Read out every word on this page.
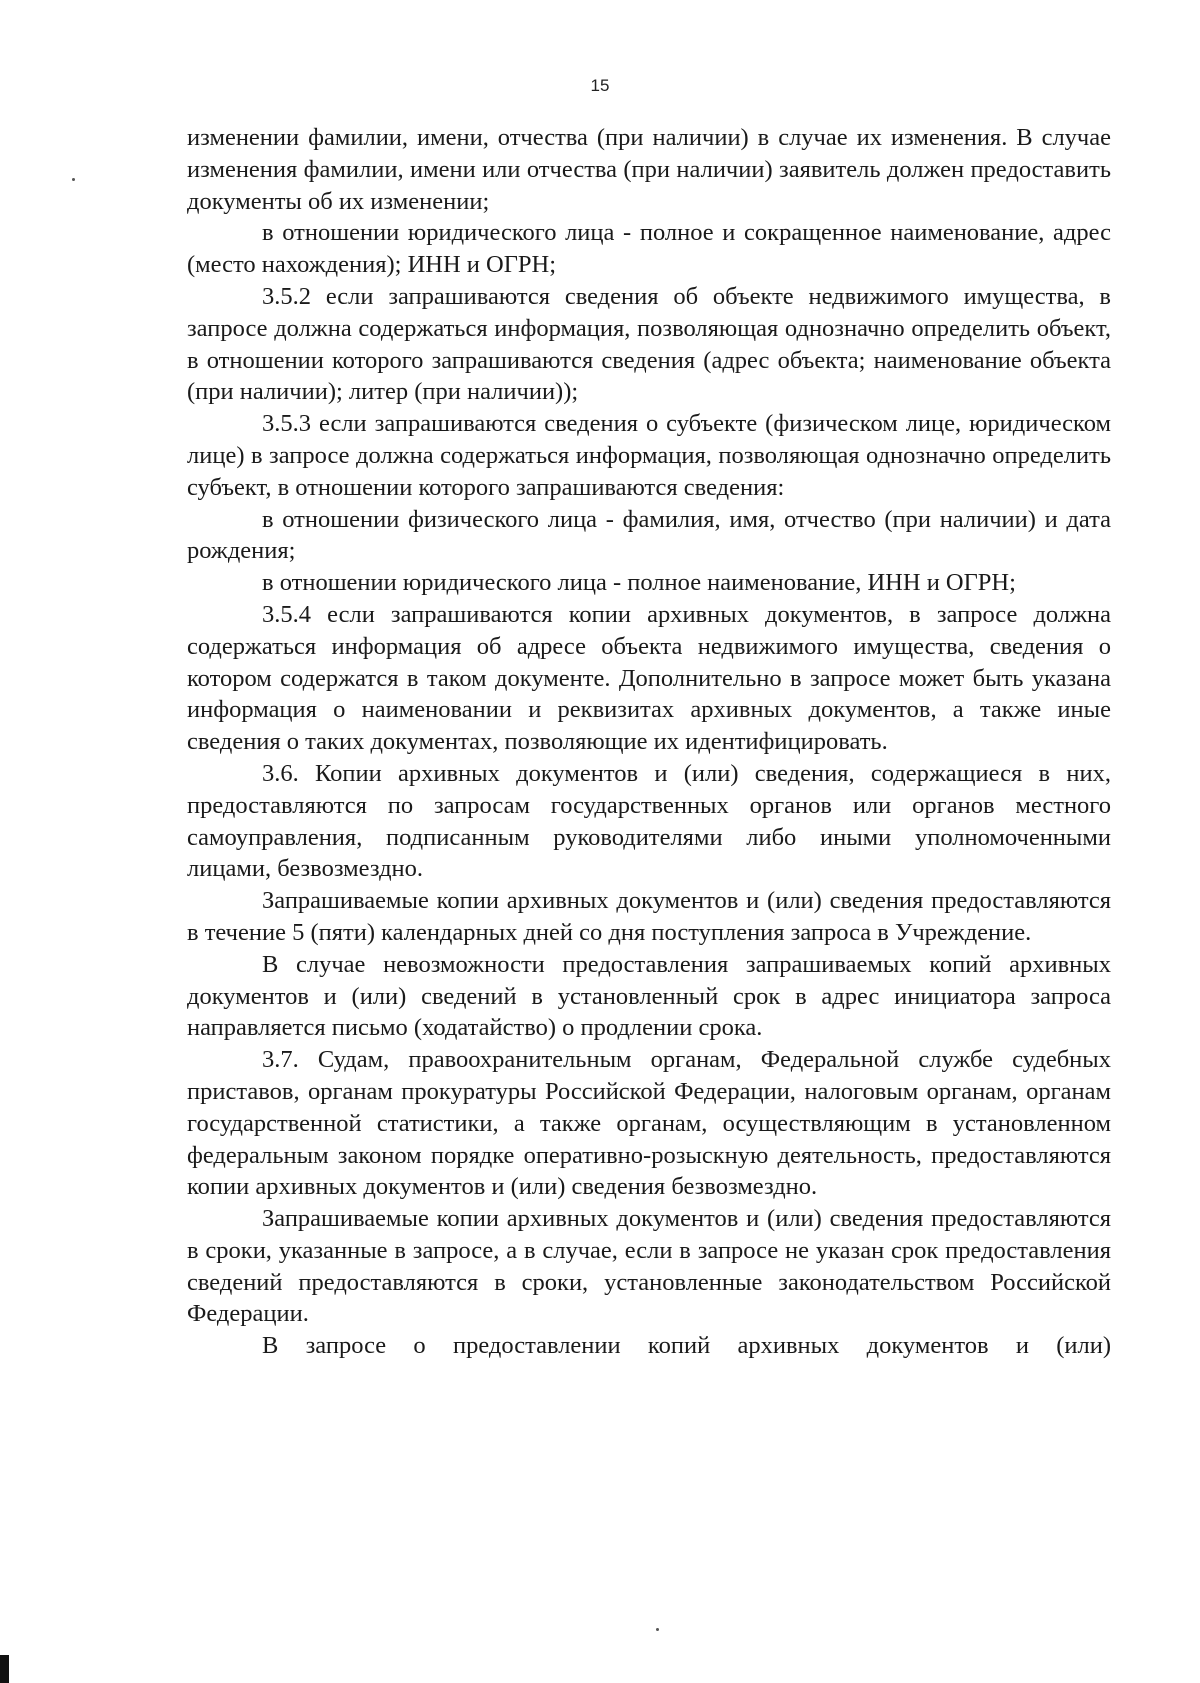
15

изменении фамилии, имени, отчества (при наличии) в случае их изменения. В случае изменения фамилии, имени или отчества (при наличии) заявитель должен предоставить документы об их изменении;

в отношении юридического лица - полное и сокращенное наименование, адрес (место нахождения); ИНН и ОГРН;

3.5.2 если запрашиваются сведения об объекте недвижимого имущества, в запросе должна содержаться информация, позволяющая однозначно определить объект, в отношении которого запрашиваются сведения (адрес объекта; наименование объекта (при наличии); литер (при наличии));

3.5.3 если запрашиваются сведения о субъекте (физическом лице, юридическом лице) в запросе должна содержаться информация, позволяющая однозначно определить субъект, в отношении которого запрашиваются сведения:

в отношении физического лица - фамилия, имя, отчество (при наличии) и дата рождения;

в отношении юридического лица - полное наименование, ИНН и ОГРН;

3.5.4 если запрашиваются копии архивных документов, в запросе должна содержаться информация об адресе объекта недвижимого имущества, сведения о котором содержатся в таком документе. Дополнительно в запросе может быть указана информация о наименовании и реквизитах архивных документов, а также иные сведения о таких документах, позволяющие их идентифицировать.

3.6. Копии архивных документов и (или) сведения, содержащиеся в них, предоставляются по запросам государственных органов или органов местного самоуправления, подписанным руководителями либо иными уполномоченными лицами, безвозмездно.

Запрашиваемые копии архивных документов и (или) сведения предоставляются в течение 5 (пяти) календарных дней со дня поступления запроса в Учреждение.

В случае невозможности предоставления запрашиваемых копий архивных документов и (или) сведений в установленный срок в адрес инициатора запроса направляется письмо (ходатайство) о продлении срока.

3.7. Судам, правоохранительным органам, Федеральной службе судебных приставов, органам прокуратуры Российской Федерации, налоговым органам, органам государственной статистики, а также органам, осуществляющим в установленном федеральным законом порядке оперативно-розыскную деятельность, предоставляются копии архивных документов и (или) сведения безвозмездно.

Запрашиваемые копии архивных документов и (или) сведения предоставляются в сроки, указанные в запросе, а в случае, если в запросе не указан срок предоставления сведений предоставляются в сроки, установленные законодательством Российской Федерации.

В запросе о предоставлении копий архивных документов и (или)
